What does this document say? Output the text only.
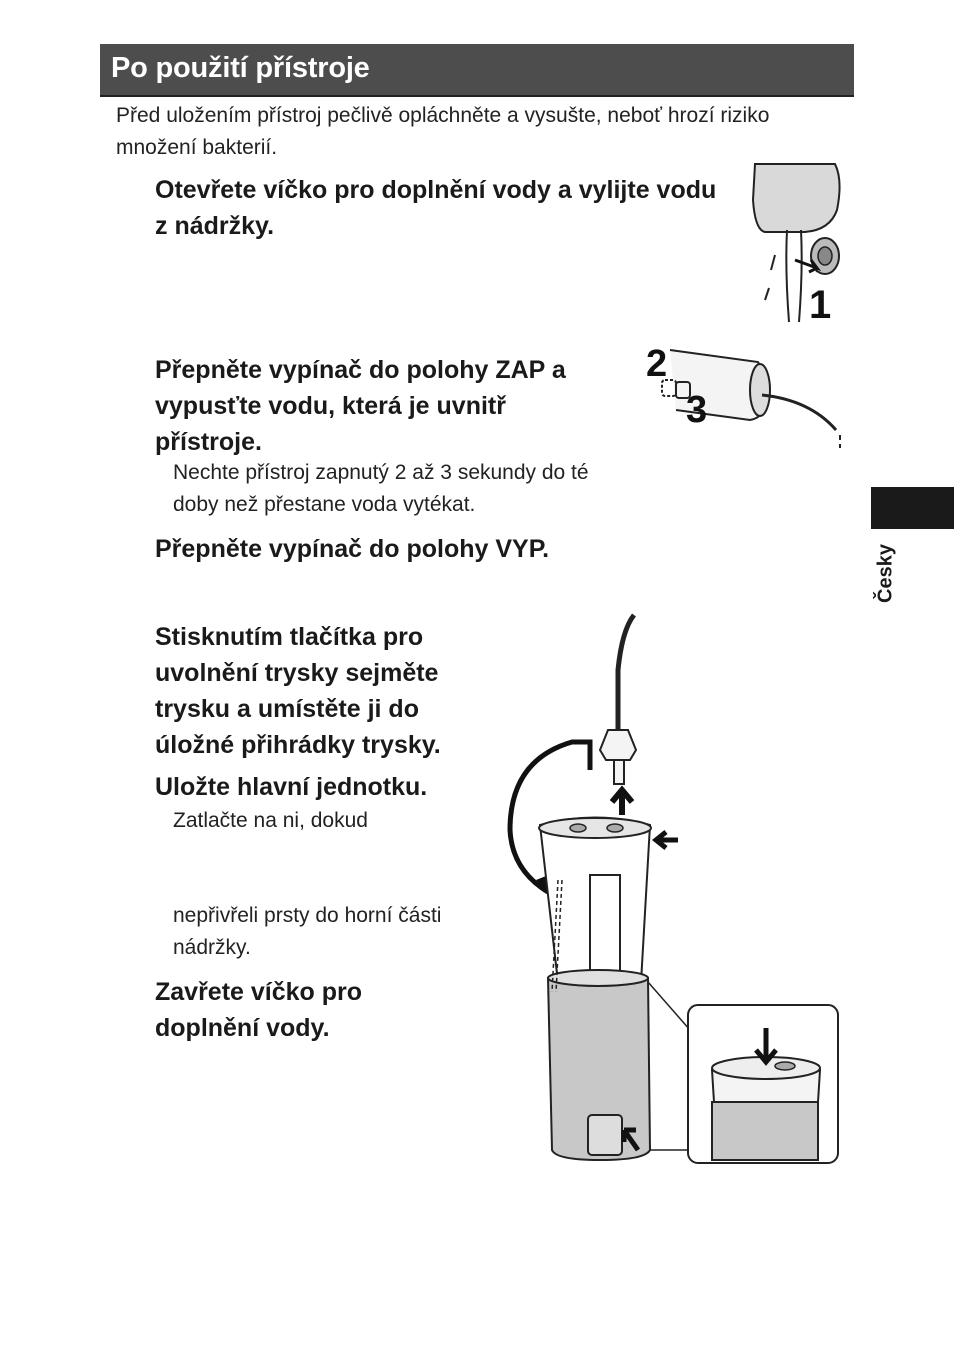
Po použití přístroje
Před uložením přístroj pečlivě opláchněte a vysušte, neboť hrozí riziko
množení bakterií.
Otevřete víčko pro doplnění vody a vylijte vodu
z nádržky.
Přepněte vypínač do polohy ZAP a
vypusťte vodu, která je uvnitř
přístroje.
Nechte přístroj zapnutý 2 až 3 sekundy do té
doby než přestane voda vytékat.
Přepněte vypínač do polohy VYP.
Stisknutím tlačítka pro
uvolnění trysky sejměte
trysku a umístěte ji do
úložné přihrádky trysky.
Uložte hlavní jednotku.
Zatlačte na ni, dokud
nepřivřeli prsty do horní části
nádržky.
Zavřete víčko pro
doplnění vody.
Česky
1
2
3
